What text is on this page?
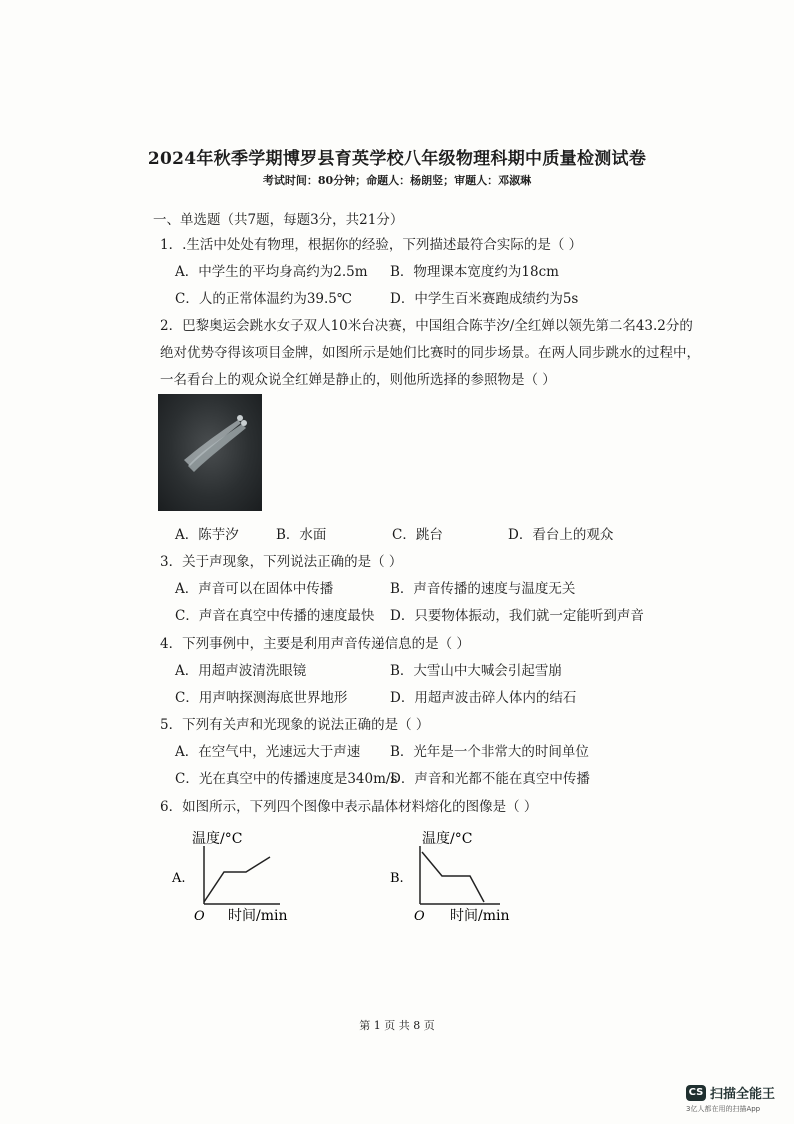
2024年秋季学期博罗县育英学校八年级物理科期中质量检测试卷
考试时间：80分钟；命题人：杨朗竖；审题人：邓淑琳
一、单选题（共7题，每题3分，共21分）
1．.生活中处处有物理，根据你的经验，下列描述最符合实际的是（ ）
A．中学生的平均身高约为2.5m B．物理课本宽度约为18cm
C．人的正常体温约为39.5℃	D．中学生百米赛跑成绩约为5s
2．巴黎奥运会跳水女子双人10米台决赛，中国组合陈芋汐/全红婵以领先第二名43.2分的
绝对优势夺得该项目金牌，如图所示是她们比赛时的同步场景。在两人同步跳水的过程中，
一名看台上的观众说全红婵是静止的，则他所选择的参照物是（ ）
A．陈芋汐	B．水面	C．跳台	D．看台上的观众
3．关于声现象，下列说法正确的是（ ）
A．声音可以在固体中传播	B．声音传播的速度与温度无关
C．声音在真空中传播的速度最快 D．只要物体振动，我们就一定能听到声音
4．下列事例中，主要是利用声音传递信息的是（ ）
A．用超声波清洗眼镜	B．大雪山中大喊会引起雪崩
C．用声呐探测海底世界地形	D．用超声波击碎人体内的结石
5．下列有关声和光现象的说法正确的是（ ）
A．在空气中，光速远大于声速 B．光年是一个非常大的时间单位
C．光在真空中的传播速度是340m/s
D．声音和光都不能在真空中传播
6．如图所示，下列四个图像中表示晶体材料熔化的图像是（ ）
A.
温度/°C
O 时间/min
B.
温度/°C
O 时间/min
第 1 页 共 8 页
CS 扫描全能王
3亿人都在用的扫描App
